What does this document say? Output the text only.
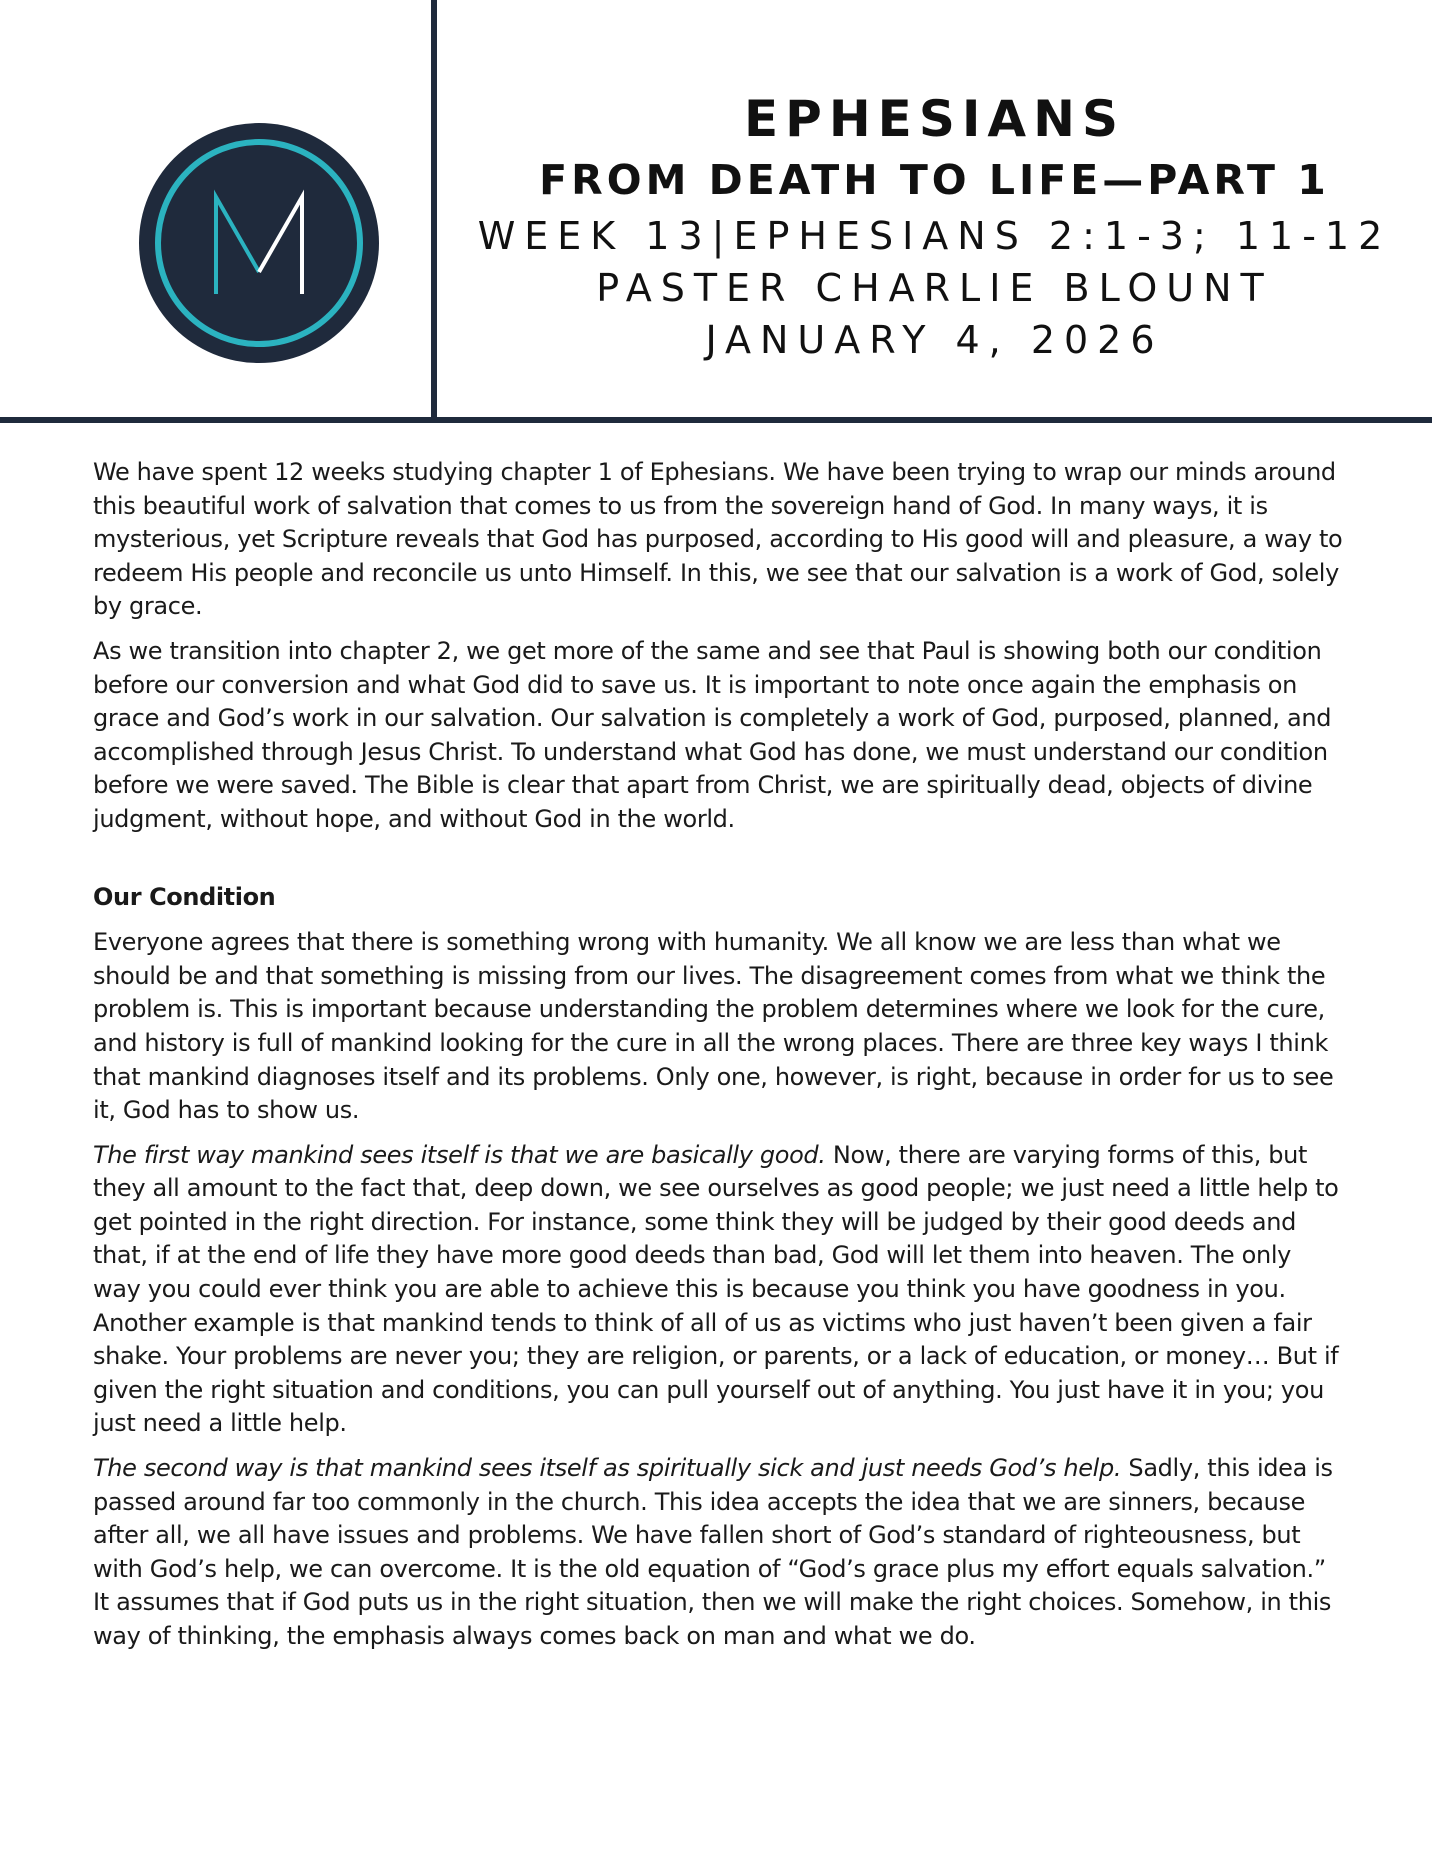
EPHESIANS
FROM DEATH TO LIFE—PART 1
WEEK 13|EPHESIANS 2:1-3; 11-12
PASTER CHARLIE BLOUNT
JANUARY 4, 2026

We have spent 12 weeks studying chapter 1 of Ephesians. We have been trying to wrap our minds around this beautiful work of salvation that comes to us from the sovereign hand of God. In many ways, it is mysterious, yet Scripture reveals that God has purposed, according to His good will and pleasure, a way to redeem His people and reconcile us unto Himself. In this, we see that our salvation is a work of God, solely by grace.

As we transition into chapter 2, we get more of the same and see that Paul is showing both our condition before our conversion and what God did to save us. It is important to note once again the emphasis on grace and God’s work in our salvation. Our salvation is completely a work of God, purposed, planned, and accomplished through Jesus Christ. To understand what God has done, we must understand our condition before we were saved. The Bible is clear that apart from Christ, we are spiritually dead, objects of divine judgment, without hope, and without God in the world.

Our Condition

Everyone agrees that there is something wrong with humanity. We all know we are less than what we should be and that something is missing from our lives. The disagreement comes from what we think the problem is. This is important because understanding the problem determines where we look for the cure, and history is full of mankind looking for the cure in all the wrong places. There are three key ways I think that mankind diagnoses itself and its problems. Only one, however, is right, because in order for us to see it, God has to show us.

The first way mankind sees itself is that we are basically good. Now, there are varying forms of this, but they all amount to the fact that, deep down, we see ourselves as good people; we just need a little help to get pointed in the right direction. For instance, some think they will be judged by their good deeds and that, if at the end of life they have more good deeds than bad, God will let them into heaven. The only way you could ever think you are able to achieve this is because you think you have goodness in you. Another example is that mankind tends to think of all of us as victims who just haven’t been given a fair shake. Your problems are never you; they are religion, or parents, or a lack of education, or money… But if given the right situation and conditions, you can pull yourself out of anything. You just have it in you; you just need a little help.

The second way is that mankind sees itself as spiritually sick and just needs God’s help. Sadly, this idea is passed around far too commonly in the church. This idea accepts the idea that we are sinners, because after all, we all have issues and problems. We have fallen short of God’s standard of righteousness, but with God’s help, we can overcome. It is the old equation of “God’s grace plus my effort equals salvation.” It assumes that if God puts us in the right situation, then we will make the right choices. Somehow, in this way of thinking, the emphasis always comes back on man and what we do.
